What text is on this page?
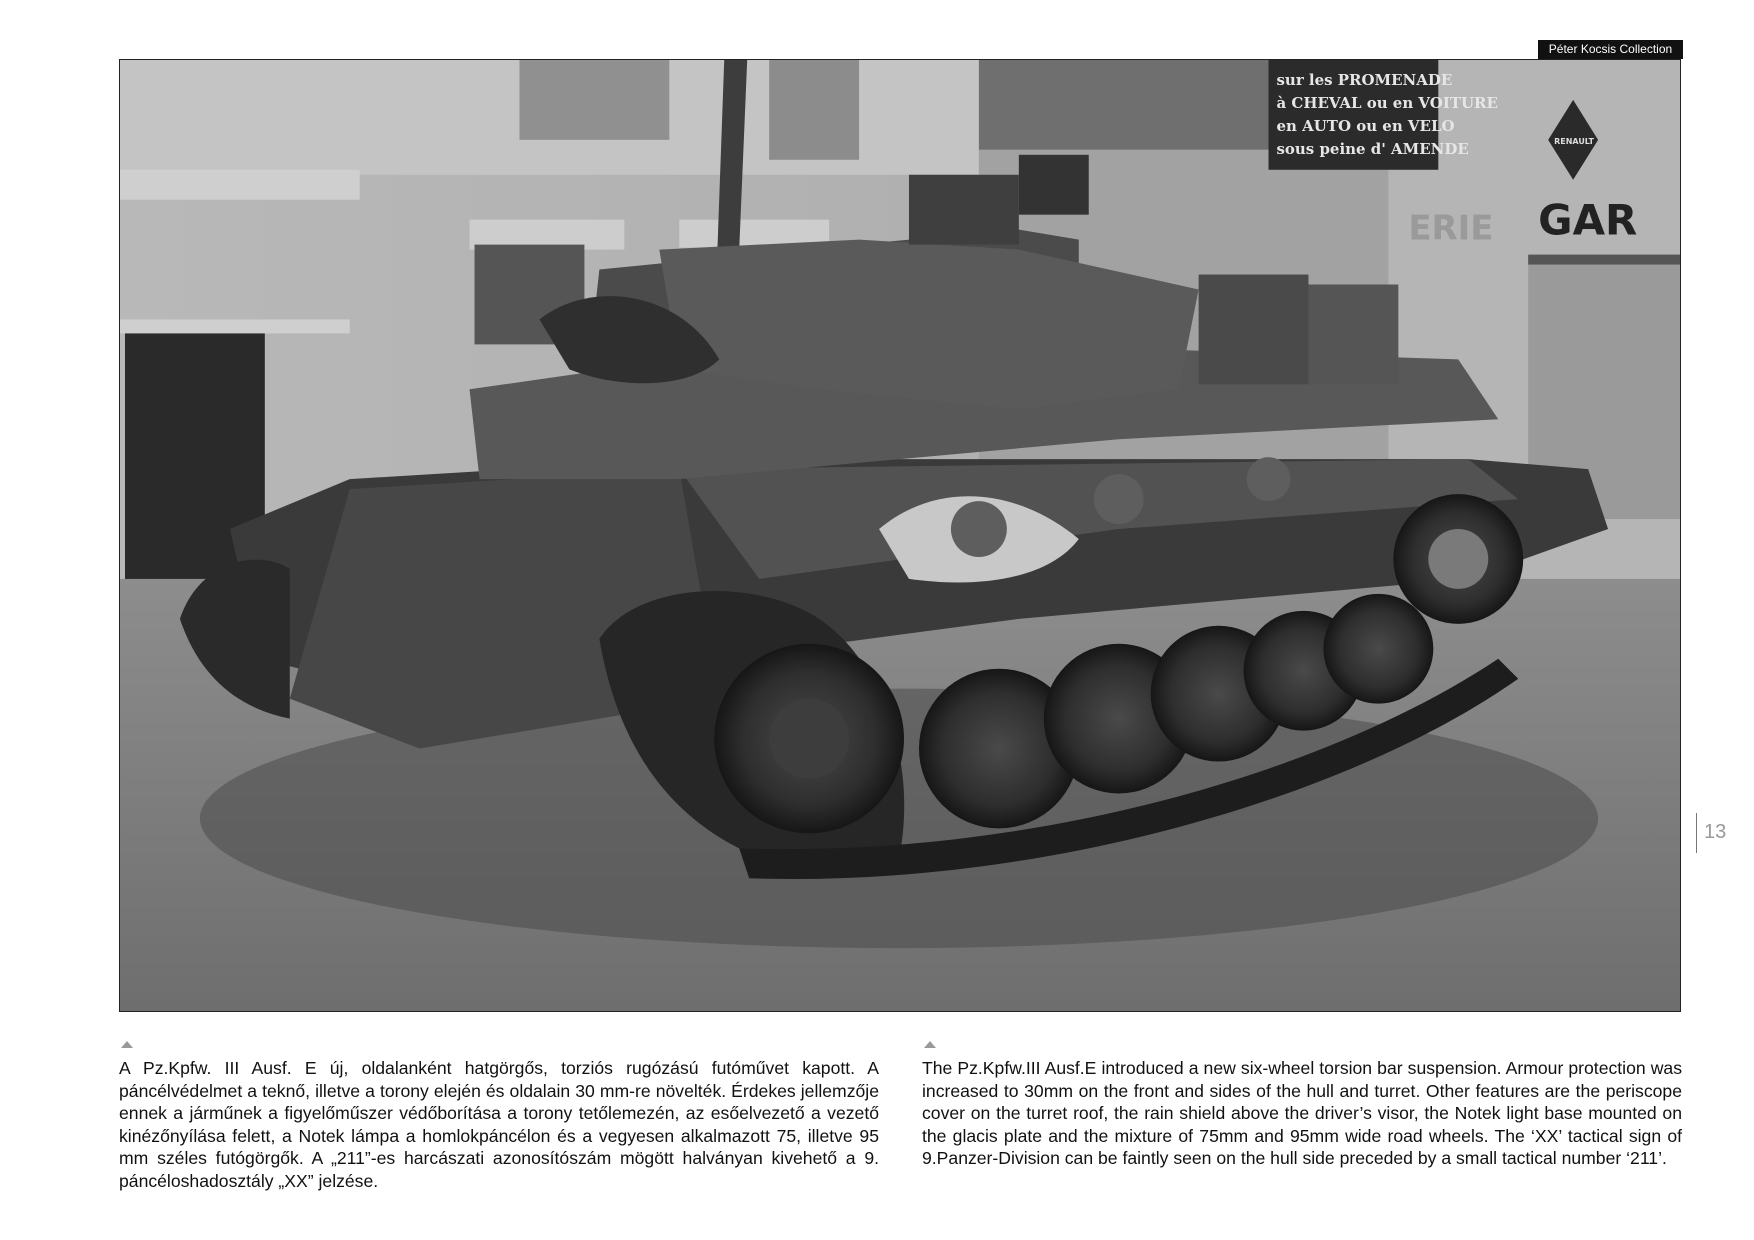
Péter Kocsis Collection
sur les PROMENADE
à CHEVAL ou en VOITURE
en AUTO ou en VELO
sous peine d' AMENDE
ERIE GAR
RENAULT
13
A Pz.Kpfw. III Ausf. E új, oldalanként hatgörgős, torziós rugózású futóművet kapott. A páncélvédelmet a teknő, illetve a torony elején és oldalain 30 mm-re növelték. Érdekes jellemzője ennek a járműnek a figyelőműszer védőborítása a torony tetőlemezén, az esőelvezető a vezető kinézőnyílása felett, a Notek lámpa a homlokpáncélon és a vegyesen alkalmazott 75, illetve 95 mm széles futógörgők. A „211”-es harcászati azonosítószám mögött halványan kivehető a 9. páncéloshadosztály „XX” jelzése.
The Pz.Kpfw.III Ausf.E introduced a new six-wheel torsion bar suspension. Armour protection was increased to 30mm on the front and sides of the hull and turret. Other features are the periscope cover on the turret roof, the rain shield above the driver’s visor, the Notek light base mounted on the glacis plate and the mixture of 75mm and 95mm wide road wheels. The ‘XX’ tactical sign of 9.Panzer-Division can be faintly seen on the hull side preceded by a small tactical number ‘211’.
